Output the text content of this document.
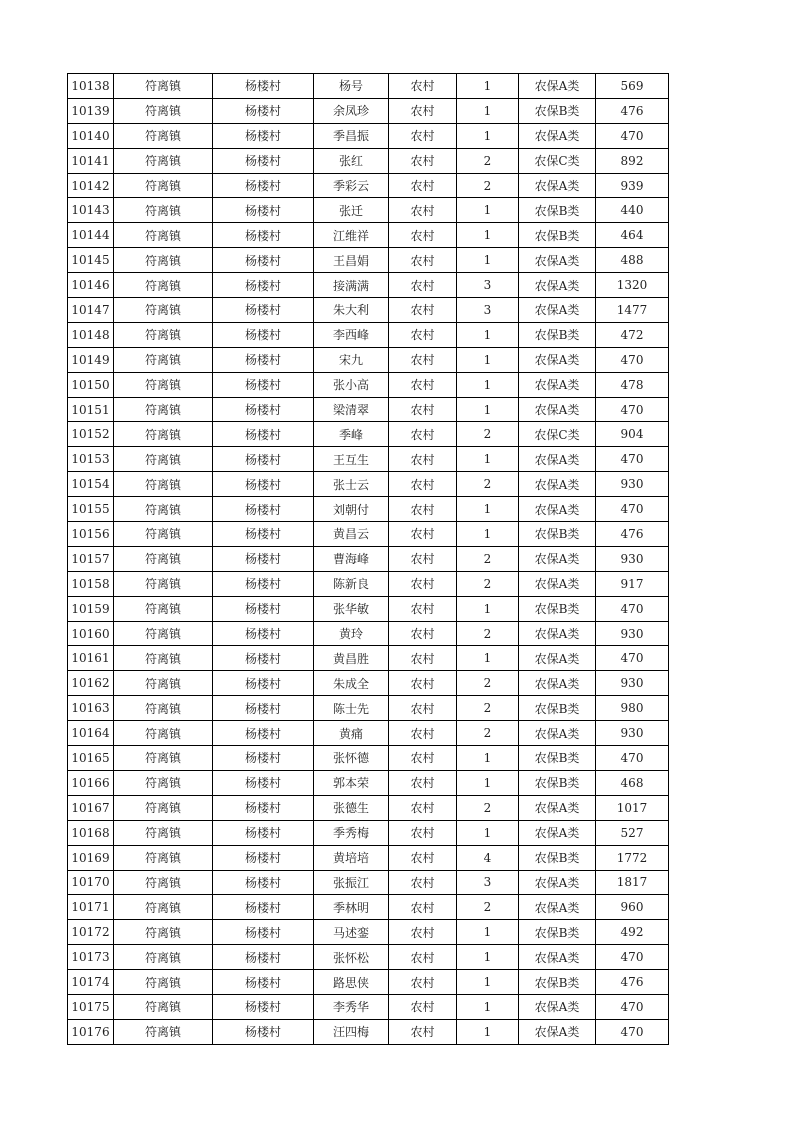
10138	符离镇	杨楼村	杨号	农村	1	农保A类	569
10139	符离镇	杨楼村	余凤珍	农村	1	农保B类	476
10140	符离镇	杨楼村	季昌振	农村	1	农保A类	470
10141	符离镇	杨楼村	张红	农村	2	农保C类	892
10142	符离镇	杨楼村	季彩云	农村	2	农保A类	939
10143	符离镇	杨楼村	张迁	农村	1	农保B类	440
10144	符离镇	杨楼村	江维祥	农村	1	农保B类	464
10145	符离镇	杨楼村	王昌娟	农村	1	农保A类	488
10146	符离镇	杨楼村	接满满	农村	3	农保A类	1320
10147	符离镇	杨楼村	朱大利	农村	3	农保A类	1477
10148	符离镇	杨楼村	李西峰	农村	1	农保B类	472
10149	符离镇	杨楼村	宋九	农村	1	农保A类	470
10150	符离镇	杨楼村	张小高	农村	1	农保A类	478
10151	符离镇	杨楼村	梁清翠	农村	1	农保A类	470
10152	符离镇	杨楼村	季峰	农村	2	农保C类	904
10153	符离镇	杨楼村	王互生	农村	1	农保A类	470
10154	符离镇	杨楼村	张士云	农村	2	农保A类	930
10155	符离镇	杨楼村	刘朝付	农村	1	农保A类	470
10156	符离镇	杨楼村	黄昌云	农村	1	农保B类	476
10157	符离镇	杨楼村	曹海峰	农村	2	农保A类	930
10158	符离镇	杨楼村	陈新良	农村	2	农保A类	917
10159	符离镇	杨楼村	张华敏	农村	1	农保B类	470
10160	符离镇	杨楼村	黄玲	农村	2	农保A类	930
10161	符离镇	杨楼村	黄昌胜	农村	1	农保A类	470
10162	符离镇	杨楼村	朱成全	农村	2	农保A类	930
10163	符离镇	杨楼村	陈士先	农村	2	农保B类	980
10164	符离镇	杨楼村	黄痛	农村	2	农保A类	930
10165	符离镇	杨楼村	张怀德	农村	1	农保B类	470
10166	符离镇	杨楼村	郭本荣	农村	1	农保B类	468
10167	符离镇	杨楼村	张德生	农村	2	农保A类	1017
10168	符离镇	杨楼村	季秀梅	农村	1	农保A类	527
10169	符离镇	杨楼村	黄培培	农村	4	农保B类	1772
10170	符离镇	杨楼村	张振江	农村	3	农保A类	1817
10171	符离镇	杨楼村	季林明	农村	2	农保A类	960
10172	符离镇	杨楼村	马述銮	农村	1	农保B类	492
10173	符离镇	杨楼村	张怀松	农村	1	农保A类	470
10174	符离镇	杨楼村	路思侠	农村	1	农保B类	476
10175	符离镇	杨楼村	李秀华	农村	1	农保A类	470
10176	符离镇	杨楼村	汪四梅	农村	1	农保A类	470
